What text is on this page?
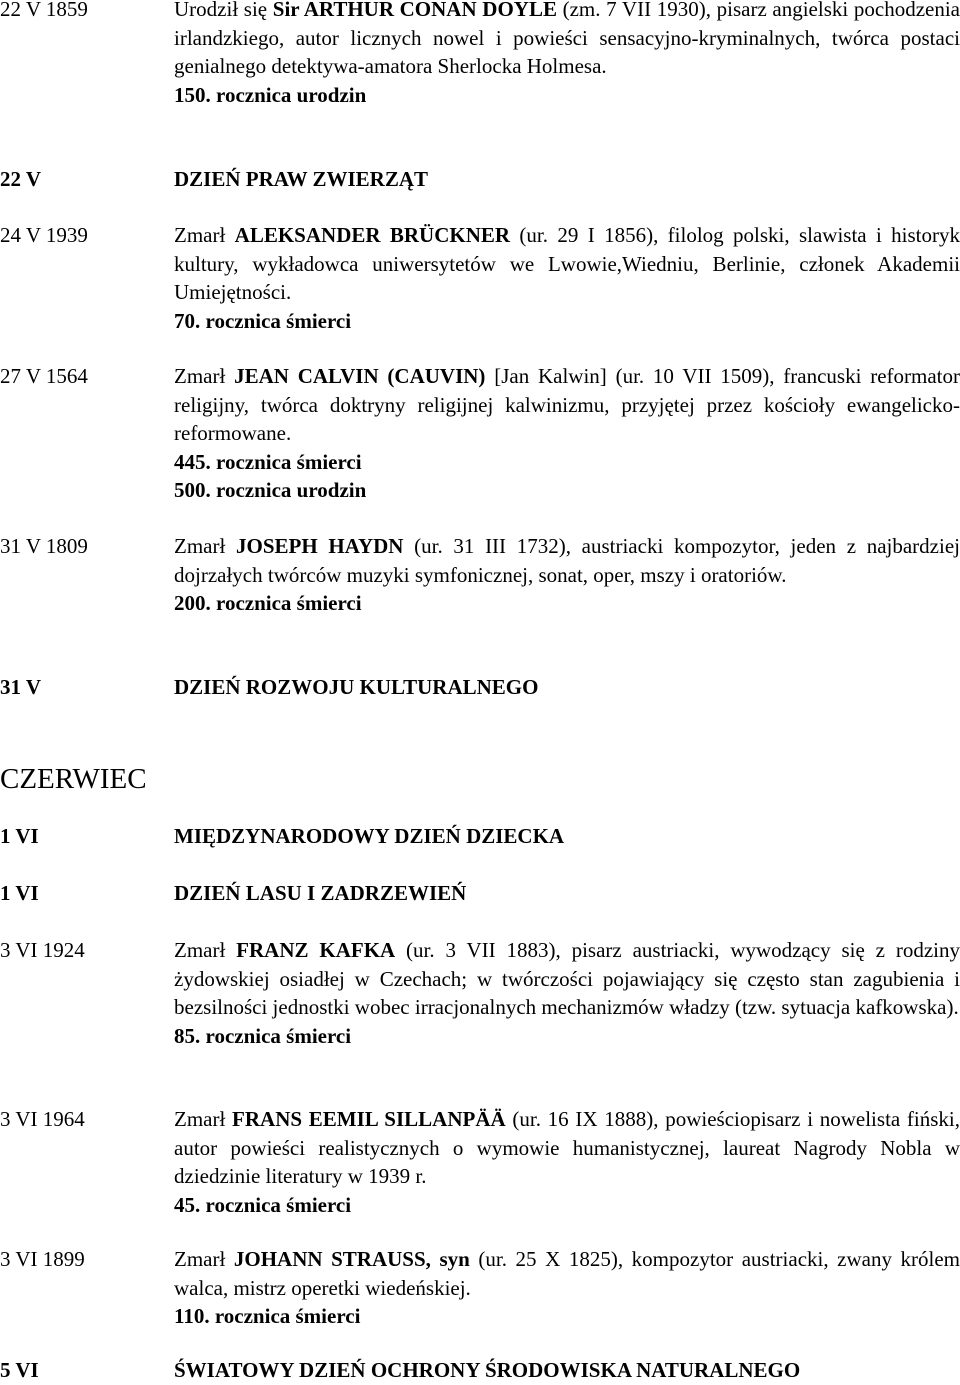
22 V 1859	Urodził się Sir ARTHUR CONAN DOYLE (zm. 7 VII 1930), pisarz angielski pochodzenia irlandzkiego, autor licznych nowel i powieści sensacyjno-kryminalnych, twórca postaci genialnego detektywa-amatora Sherlocka Holmesa.

150. rocznica urodzin

22 V	DZIEŃ PRAW ZWIERZĄT

24 V 1939	Zmarł ALEKSANDER BRÜCKNER (ur. 29 I 1856), filolog polski, slawista i historyk kultury, wykładowca uniwersytetów we Lwowie,Wiedniu, Berlinie, członek Akademii Umiejętności.

70. rocznica śmierci

27 V 1564	Zmarł JEAN CALVIN (CAUVIN) [Jan Kalwin] (ur. 10 VII 1509), francuski reformator religijny, twórca doktryny religijnej kalwinizmu, przyjętej przez kościoły ewangelicko-reformowane.

445. rocznica śmierci

500. rocznica urodzin

31 V 1809	Zmarł JOSEPH HAYDN (ur. 31 III 1732), austriacki kompozytor, jeden z najbardziej dojrzałych twórców muzyki symfonicznej, sonat, oper, mszy i oratoriów.

200. rocznica śmierci

31 V	DZIEŃ ROZWOJU KULTURALNEGO

CZERWIEC
1 VI	MIĘDZYNARODOWY DZIEŃ DZIECKA

1 VI	DZIEŃ LASU I ZADRZEWIEŃ

3 VI 1924	Zmarł FRANZ KAFKA (ur. 3 VII 1883), pisarz austriacki, wywodzący się z rodziny żydowskiej osiadłej w Czechach; w twórczości pojawiający się często stan zagubienia i bezsilności jednostki wobec irracjonalnych mechanizmów władzy (tzw. sytuacja kafkowska).

85. rocznica śmierci

3 VI 1964	Zmarł FRANS EEMIL SILLANPÄÄ (ur. 16 IX 1888), powieściopisarz i nowelista fiński, autor powieści realistycznych o wymowie humanistycznej, laureat Nagrody Nobla w dziedzinie literatury w 1939 r.

45. rocznica śmierci

3 VI 1899	Zmarł JOHANN STRAUSS, syn (ur. 25 X 1825), kompozytor austriacki, zwany królem walca, mistrz operetki wiedeńskiej.

110. rocznica śmierci

5 VI	ŚWIATOWY DZIEŃ OCHRONY ŚRODOWISKA NATURALNEGO
